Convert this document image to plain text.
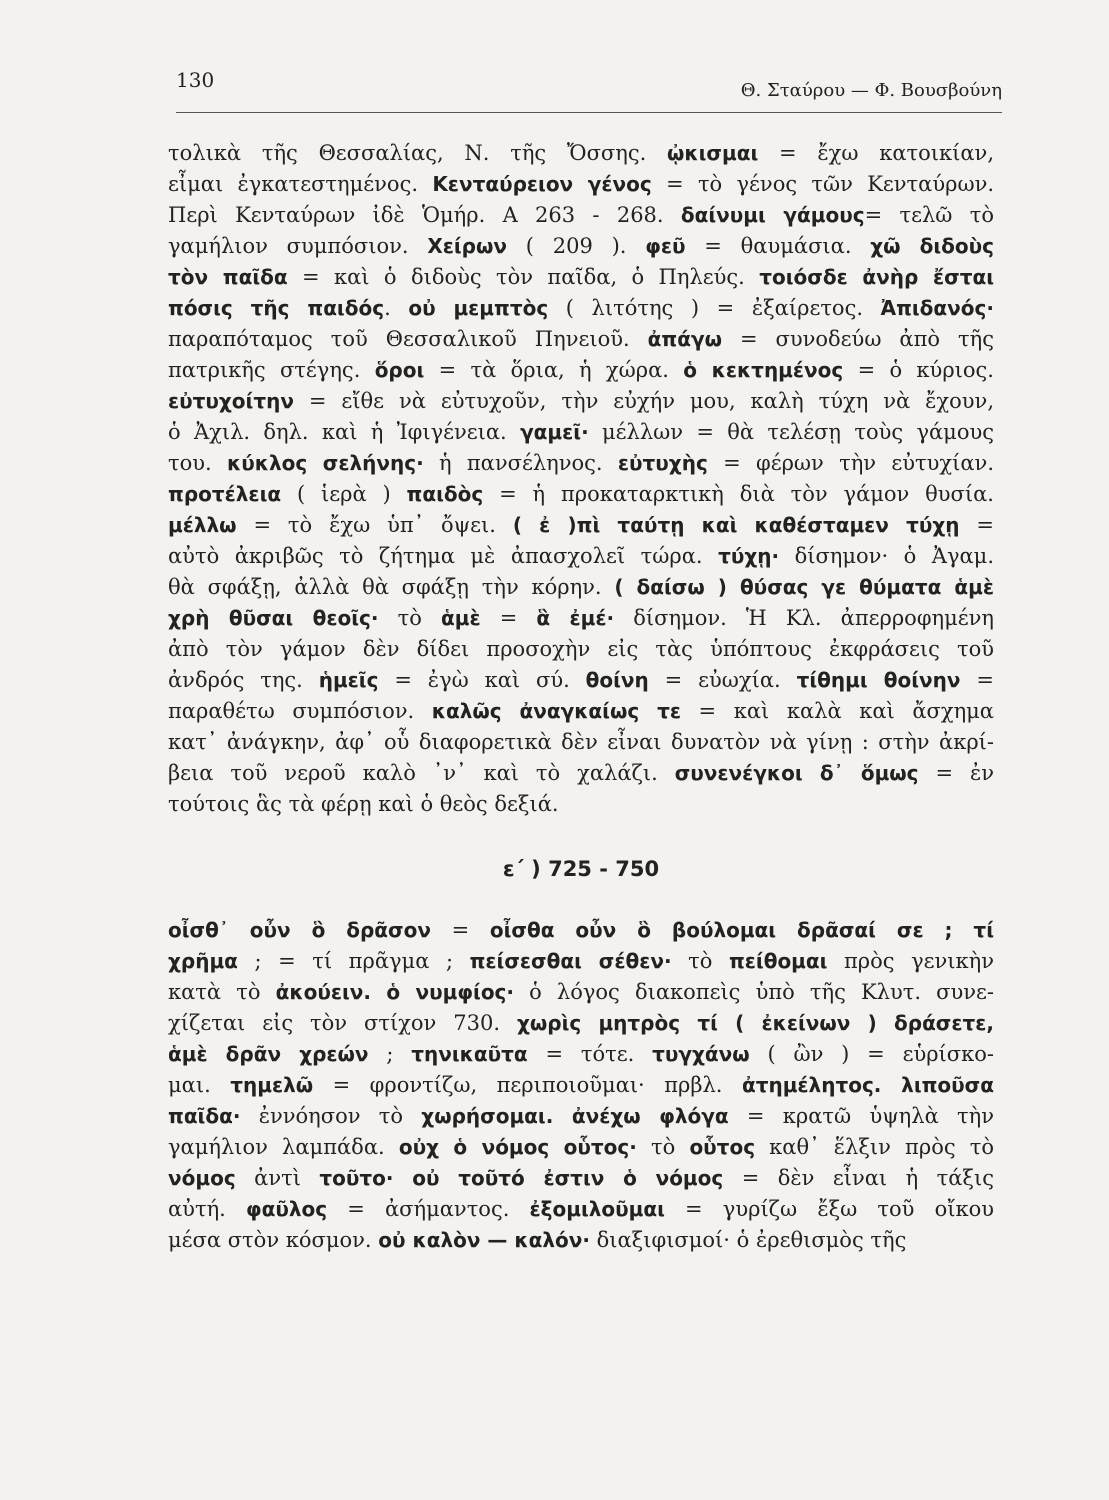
130	Θ. Σταύρου — Φ. Βουσβούνη
τολικὰ τῆς Θεσσαλίας, Ν. τῆς Ὄσσης. ᾠκισμαι = ἔχω κατοικίαν,
εἶμαι ἐγκατεστημένος. Κενταύρειον γένος = τὸ γένος τῶν Κενταύρων.
Περὶ Κενταύρων ἰδὲ Ὁμήρ. Α 263 - 268. δαίνυμι γάμους= τελῶ τὸ
γαμήλιον συμπόσιον. Χείρων ( 209 ). φεῦ = θαυμάσια. χῶ διδοὺς
τὸν παῖδα = καὶ ὁ διδοὺς τὸν παῖδα, ὁ Πηλεύς. τοιόσδε ἀνὴρ ἔσται
πόσις τῆς παιδός. οὐ μεμπτὸς ( λιτότης ) = ἐξαίρετος. Ἀπιδανός·
παραπόταμος τοῦ Θεσσαλικοῦ Πηνειοῦ. ἀπάγω = συνοδεύω ἀπὸ τῆς
πατρικῆς στέγης. ὅροι = τὰ ὅρια, ἡ χώρα. ὁ κεκτημένος = ὁ κύριος.
εὐτυχοίτην = εἴθε νὰ εὐτυχοῦν, τὴν εὐχήν μου, καλὴ τύχη νὰ ἔχουν,
ὁ Ἀχιλ. δηλ. καὶ ἡ Ἰφιγένεια. γαμεῖ· μέλλων = θὰ τελέσῃ τοὺς γάμους
του. κύκλος σελήνης· ἡ πανσέληνος. εὐτυχὴς = φέρων τὴν εὐτυχίαν.
προτέλεια ( ἱερὰ ) παιδὸς = ἡ προκαταρκτικὴ διὰ τὸν γάμον θυσία.
μέλλω = τὸ ἔχω ὑπ᾽ ὄψει. ( ἐ )πὶ ταύτῃ καὶ καθέσταμεν τύχῃ =
αὐτὸ ἀκριβῶς τὸ ζήτημα μὲ ἀπασχολεῖ τώρα. τύχῃ· δίσημον· ὁ Ἀγαμ.
θὰ σφάξῃ, ἀλλὰ θὰ σφάξῃ τὴν κόρην. ( δαίσω ) θύσας γε θύματα ἁμὲ
χρὴ θῦσαι θεοῖς· τὸ ἁμὲ = ἃ ἐμέ· δίσημον. Ἡ Κλ. ἀπερροφημένη
ἀπὸ τὸν γάμον δὲν δίδει προσοχὴν εἰς τὰς ὑπόπτους ἐκφράσεις τοῦ
ἀνδρός της. ἡμεῖς = ἐγὼ καὶ σύ. θοίνη = εὐωχία. τίθημι θοίνην =
παραθέτω συμπόσιον. καλῶς ἀναγκαίως τε = καὶ καλὰ καὶ ἄσχημα
κατ᾽ ἀνάγκην, ἀφ᾽ οὗ διαφορετικὰ δὲν εἶναι δυνατὸν νὰ γίνῃ : στὴν ἀκρί-
βεια τοῦ νεροῦ καλὸ ᾽ν᾽ καὶ τὸ χαλάζι. συνενέγκοι δ᾽ ὅμως = ἐν
τούτοις ἃς τὰ φέρῃ καὶ ὁ θεὸς δεξιά.
ε΄ ) 725 - 750
οἶσθ᾽ οὖν ὃ δρᾶσον = οἶσθα οὖν ὃ βούλομαι δρᾶσαί σε ; τί
χρῆμα ; = τί πρᾶγμα ; πείσεσθαι σέθεν· τὸ πείθομαι πρὸς γενικὴν
κατὰ τὸ ἀκούειν. ὁ νυμφίος· ὁ λόγος διακοπεὶς ὑπὸ τῆς Κλυτ. συνε-
χίζεται εἰς τὸν στίχον 730. χωρὶς μητρὸς τί ( ἐκείνων ) δράσετε,
ἁμὲ δρᾶν χρεών ; τηνικαῦτα = τότε. τυγχάνω ( ὢν ) = εὑρίσκο-
μαι. τημελῶ = φροντίζω, περιποιοῦμαι· πρβλ. ἀτημέλητος. λιποῦσα
παῖδα· ἐννόησον τὸ χωρήσομαι. ἀνέχω φλόγα = κρατῶ ὑψηλὰ τὴν
γαμήλιον λαμπάδα. οὐχ ὁ νόμος οὗτος· τὸ οὗτος καθ᾽ ἕλξιν πρὸς τὸ
νόμος ἀντὶ τοῦτο· οὐ τοῦτό ἐστιν ὁ νόμος = δὲν εἶναι ἡ τάξις
αὐτή. φαῦλος = ἀσήμαντος. ἐξομιλοῦμαι = γυρίζω ἔξω τοῦ οἴκου
μέσα στὸν κόσμον. οὐ καλὸν — καλόν· διαξιφισμοί· ὁ ἐρεθισμὸς τῆς
